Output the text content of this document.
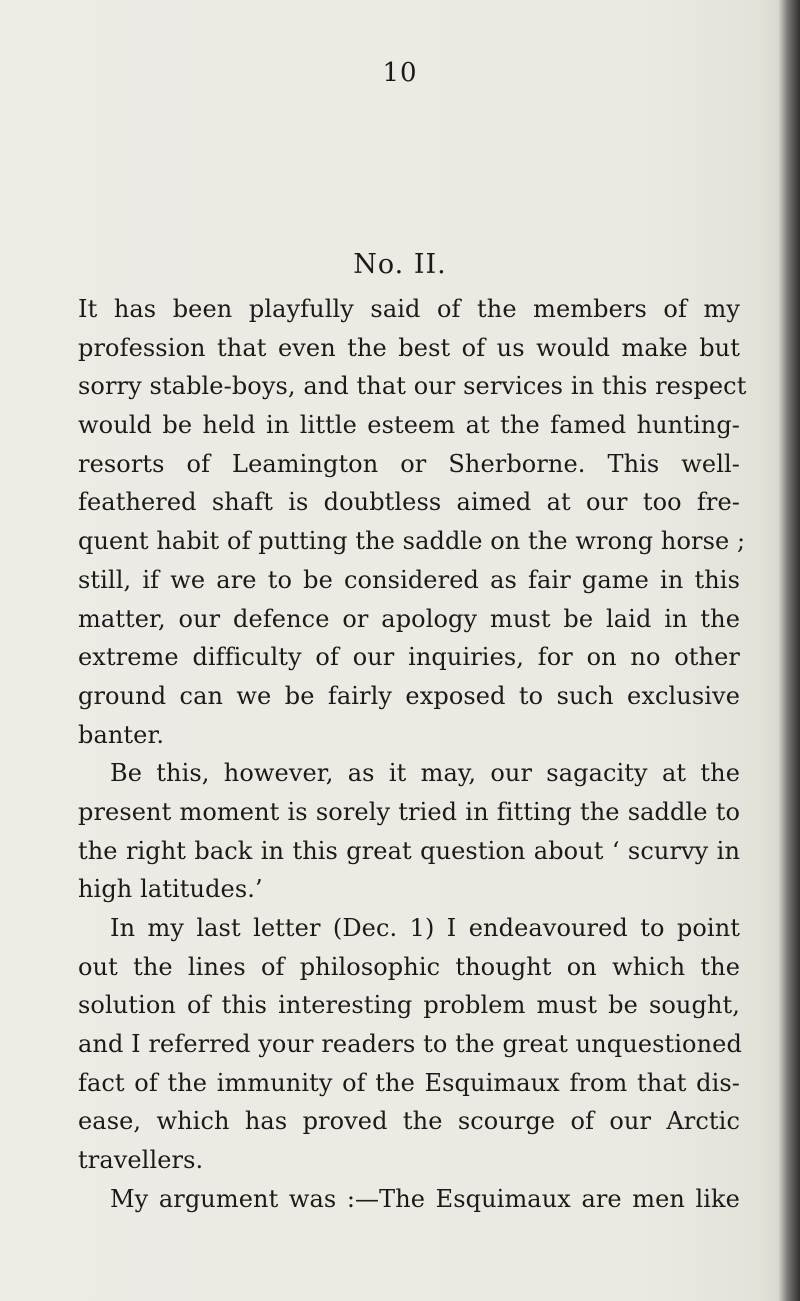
10
No. II.
It has been playfully said of the members of my
profession that even the best of us would make but
sorry stable-boys, and that our services in this respect
would be held in little esteem at the famed hunting-
resorts of Leamington or Sherborne. This well-
feathered shaft is doubtless aimed at our too fre-
quent habit of putting the saddle on the wrong horse ;
still, if we are to be considered as fair game in this
matter, our defence or apology must be laid in the
extreme difficulty of our inquiries, for on no other
ground can we be fairly exposed to such exclusive
banter.
Be this, however, as it may, our sagacity at the
present moment is sorely tried in fitting the saddle to
the right back in this great question about ‘ scurvy in
high latitudes.’
In my last letter (Dec. 1) I endeavoured to point
out the lines of philosophic thought on which the
solution of this interesting problem must be sought,
and I referred your readers to the great unquestioned
fact of the immunity of the Esquimaux from that dis-
ease, which has proved the scourge of our Arctic
travellers.
My argument was :—The Esquimaux are men like
